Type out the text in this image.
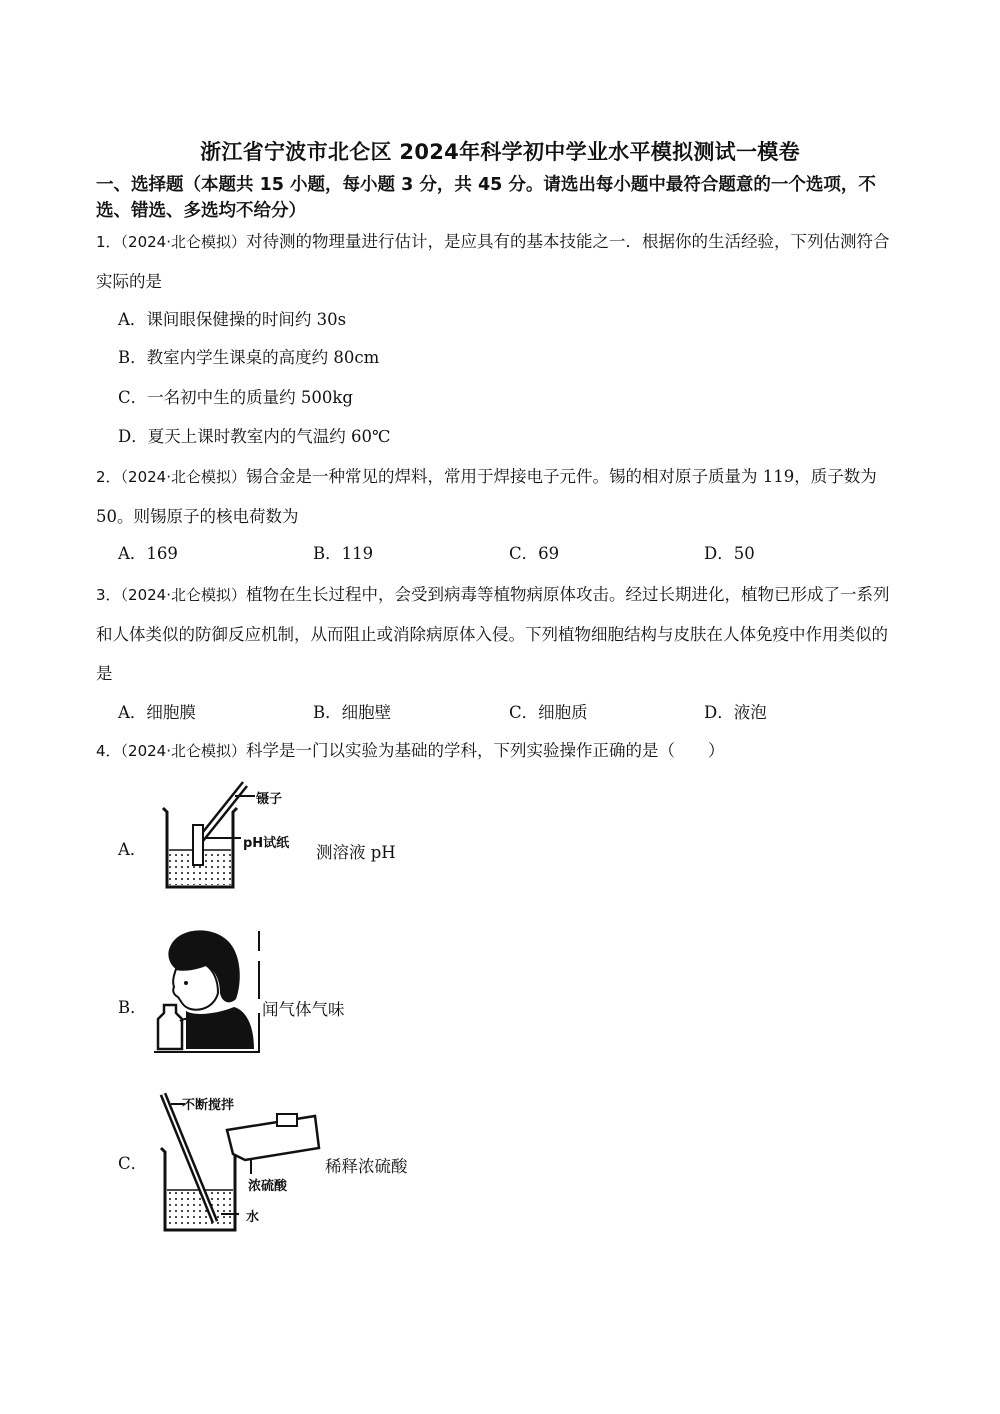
浙江省宁波市北仑区 2024年科学初中学业水平模拟测试一模卷
一、选择题（本题共 15 小题，每小题 3 分，共 45 分。请选出每小题中最符合题意的一个选项，不选、错选、多选均不给分）
1．（2024·北仑模拟）对待测的物理量进行估计，是应具有的基本技能之一．根据你的生活经验，下列估测符合实际的是
A．课间眼保健操的时间约 30s
B．教室内学生课桌的高度约 80cm
C．一名初中生的质量约 500kg
D．夏天上课时教室内的气温约 60℃
2．（2024·北仑模拟）锡合金是一种常见的焊料，常用于焊接电子元件。锡的相对原子质量为 119，质子数为 50。则锡原子的核电荷数为
A．169	B．119	C．69	D．50
3．（2024·北仑模拟）植物在生长过程中，会受到病毒等植物病原体攻击。经过长期进化，植物已形成了一系列和人体类似的防御反应机制，从而阻止或消除病原体入侵。下列植物细胞结构与皮肤在人体免疫中作用类似的是
A．细胞膜	B．细胞壁	C．细胞质	D．液泡
4．（2024·北仑模拟）科学是一门以实验为基础的学科，下列实验操作正确的是（　　）
A．
镊子
pH试纸 测溶液 pH
B．	闻气体气味
C．
不断搅拌
浓硫酸
水
稀释浓硫酸
